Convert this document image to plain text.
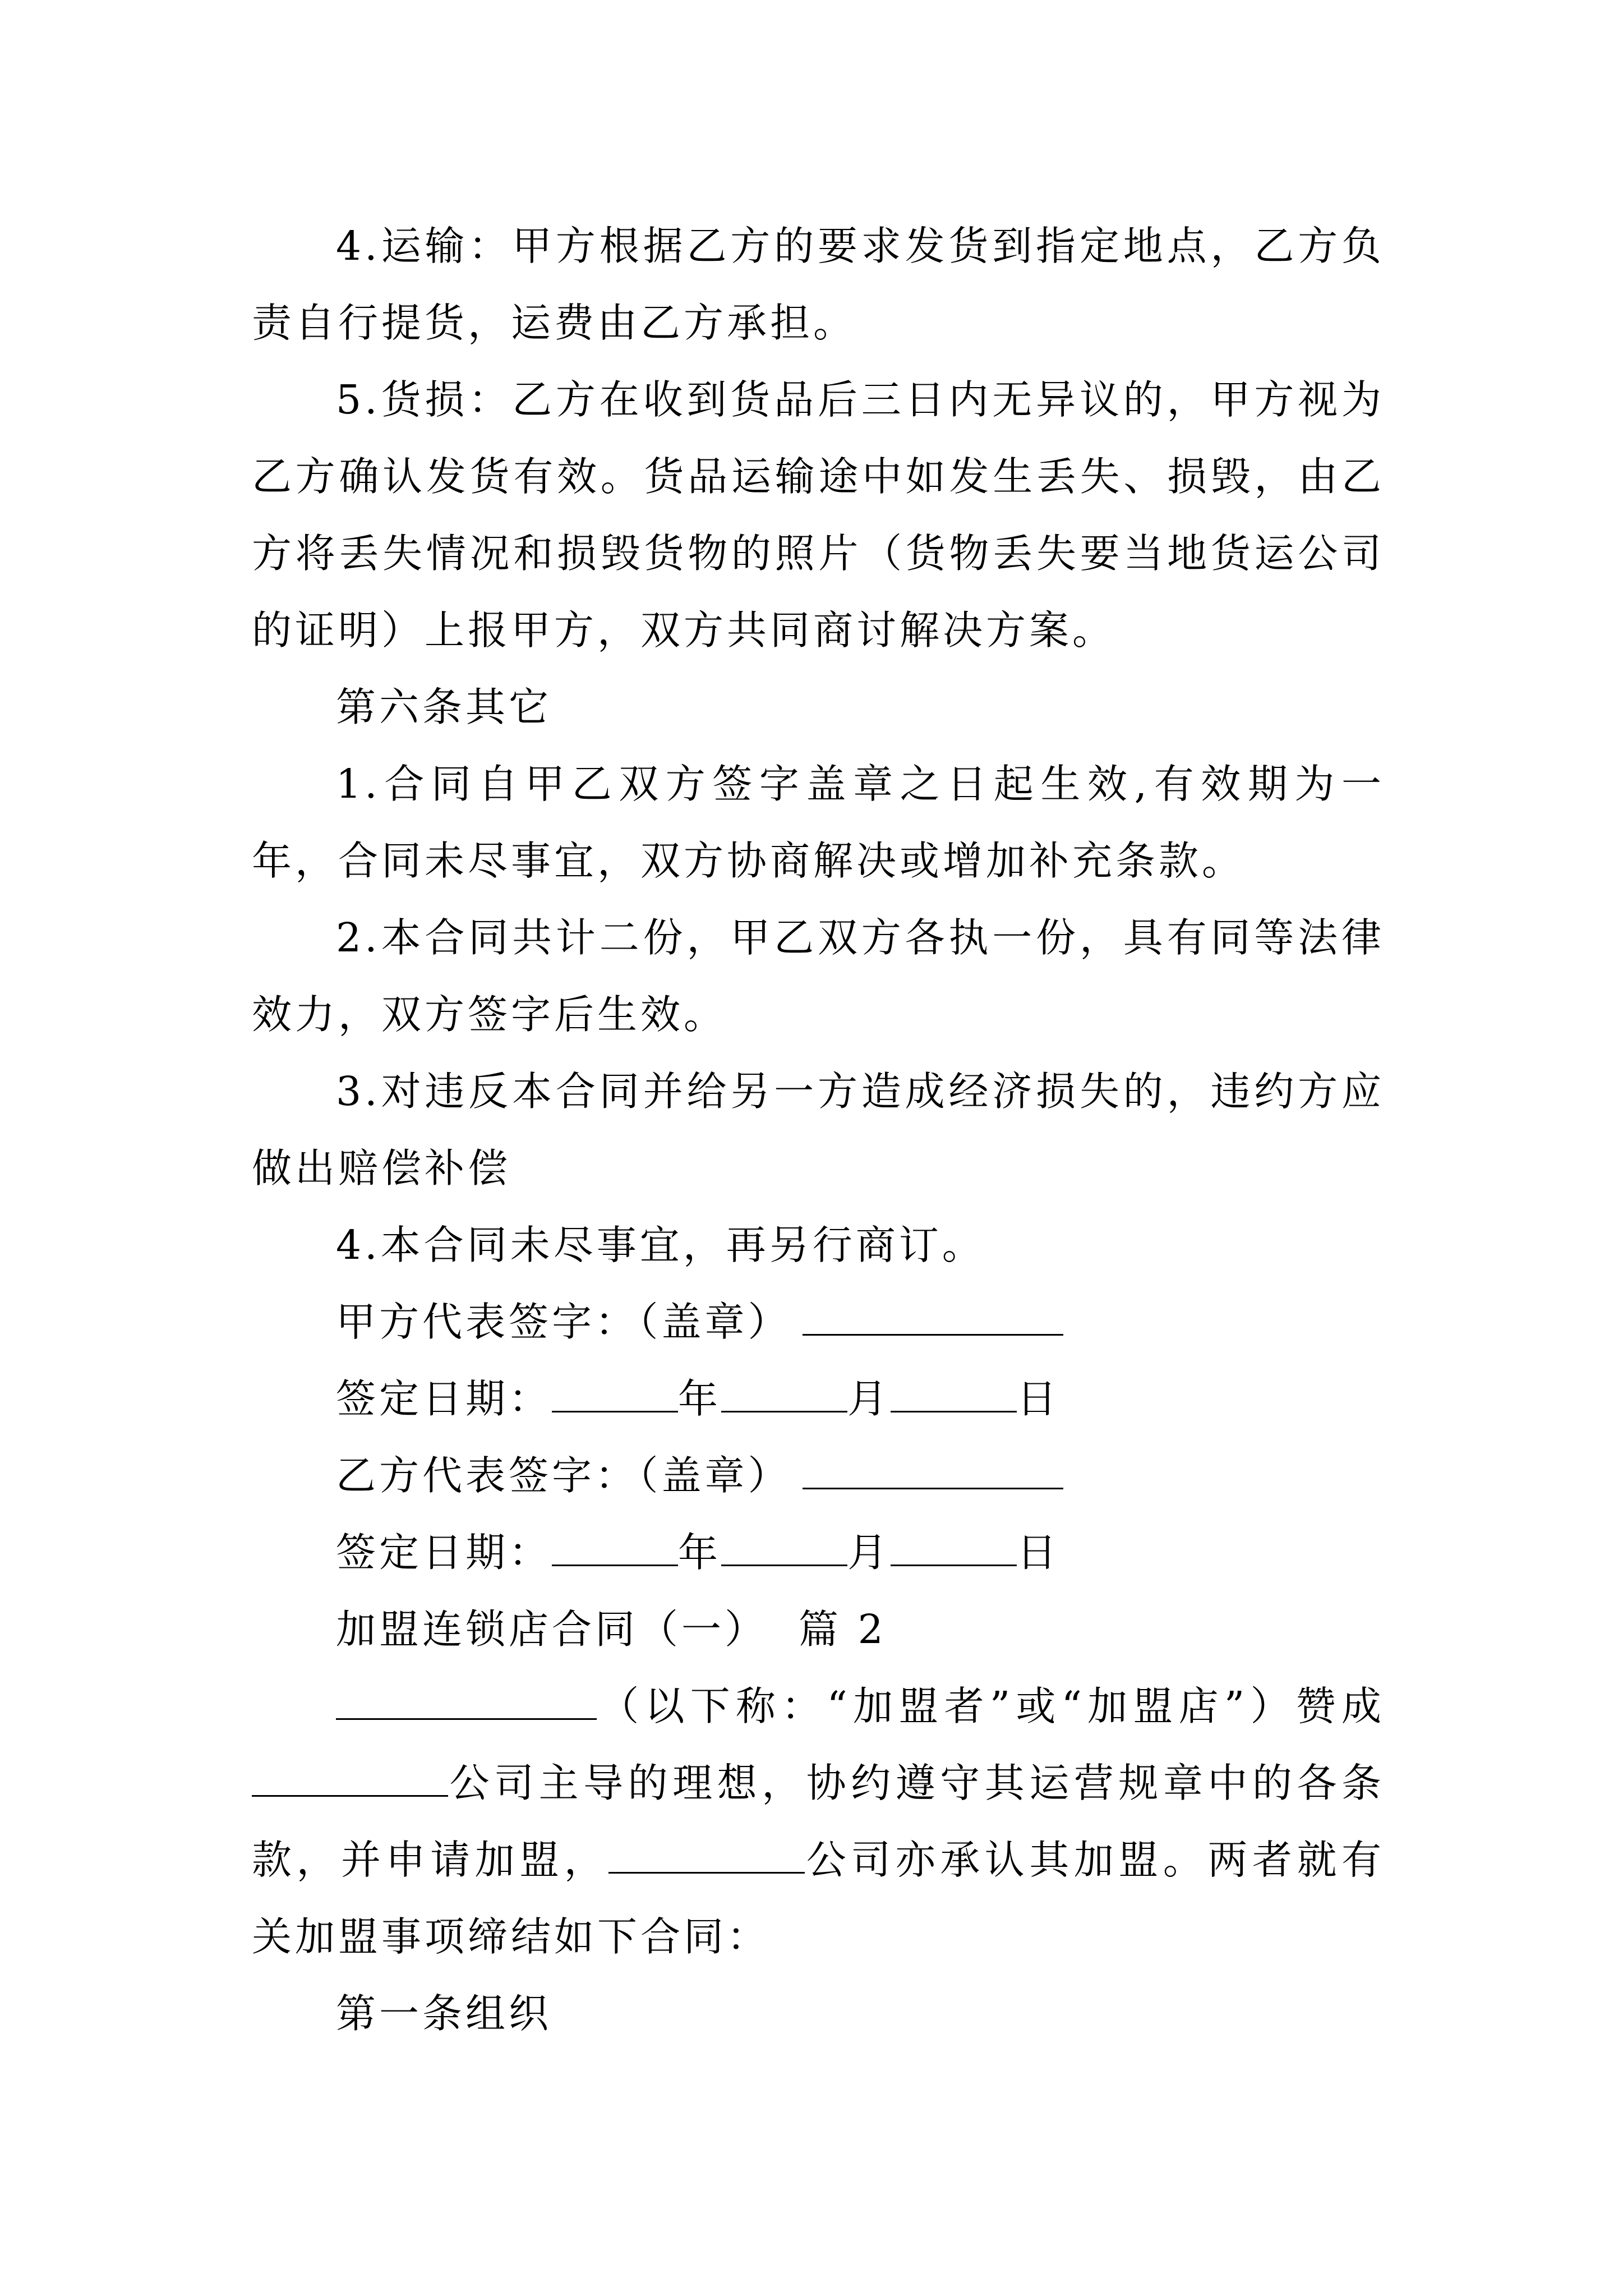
4.运输：甲方根据乙方的要求发货到指定地点，乙方负责自行提货，运费由乙方承担。

5.货损：乙方在收到货品后三日内无异议的，甲方视为乙方确认发货有效。货品运输途中如发生丢失、损毁，由乙方将丢失情况和损毁货物的照片（货物丢失要当地货运公司的证明）上报甲方，双方共同商讨解决方案。

第六条其它

1.合同自甲乙双方签字盖章之日起生效,有效期为一年，合同未尽事宜，双方协商解决或增加补充条款。

2.本合同共计二份，甲乙双方各执一份，具有同等法律效力，双方签字后生效。

3.对违反本合同并给另一方造成经济损失的，违约方应做出赔偿补偿

4.本合同未尽事宜，再另行商订。

甲方代表签字：（盖章）

签定日期：	年	月	日

乙方代表签字：（盖章）

签定日期：	年	月	日

加盟连锁店合同（一） 篇 2

（以下称：“加盟者”或“加盟店”）赞成公司主导的理想，协约遵守其运营规章中的各条款，并申请加盟，	公司亦承认其加盟。两者就有关加盟事项缔结如下合同：

第一条组织
